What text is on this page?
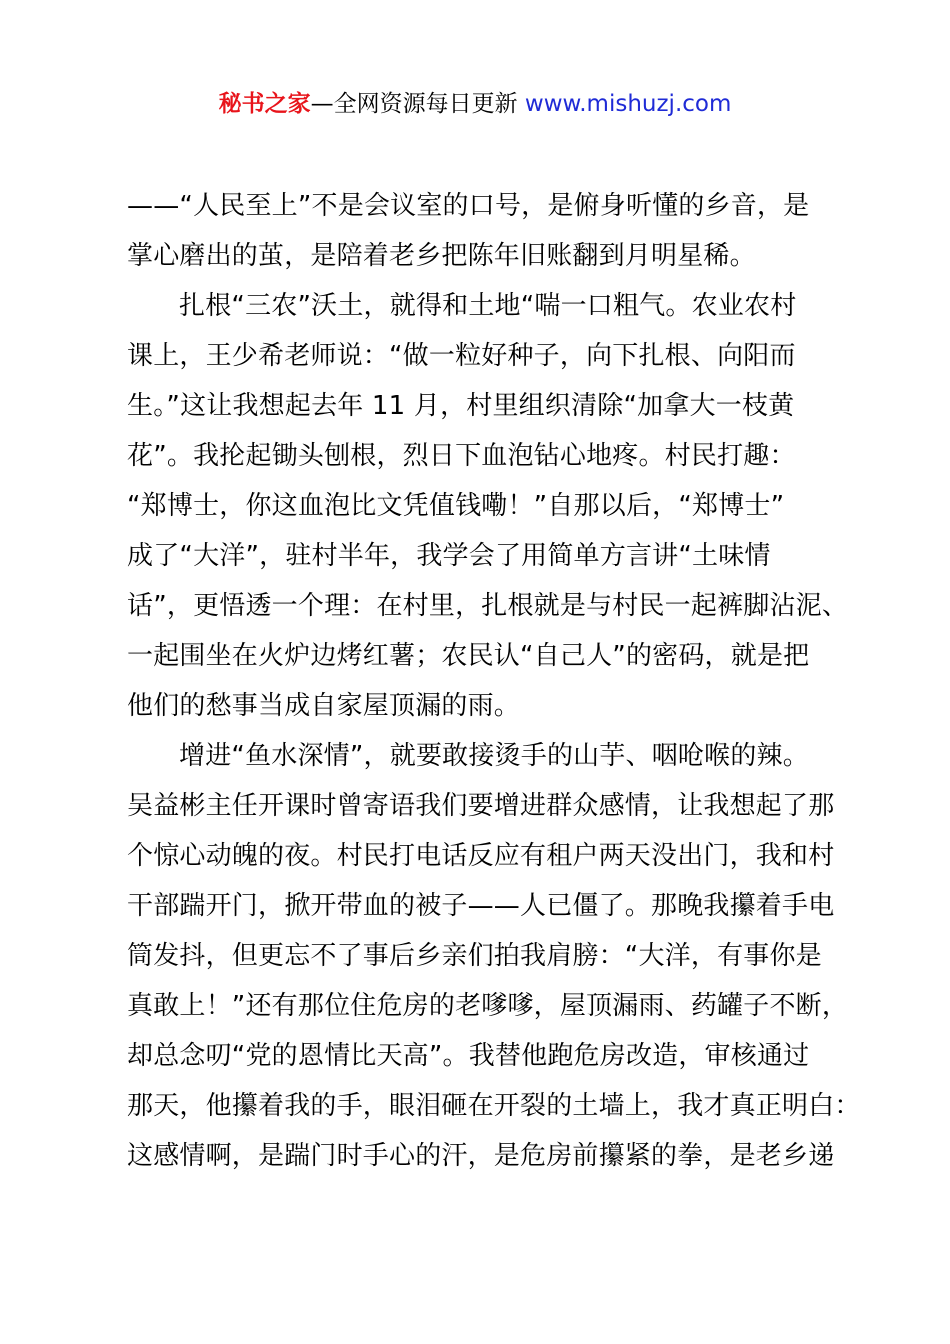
秘书之家—全网资源每日更新 www.mishuzj.com
——“人民至上”不是会议室的口号，是俯身听懂的乡音，是
掌心磨出的茧，是陪着老乡把陈年旧账翻到月明星稀。
扎根“三农”沃土，就得和土地“喘一口粗气。农业农村
课上，王少希老师说：“做一粒好种子，向下扎根、向阳而
生。”这让我想起去年 11 月，村里组织清除“加拿大一枝黄
花”。我抡起锄头刨根，烈日下血泡钻心地疼。村民打趣：
“郑博士，你这血泡比文凭值钱嘞！”自那以后，“郑博士”
成了“大洋”，驻村半年，我学会了用简单方言讲“土味情
话”，更悟透一个理：在村里，扎根就是与村民一起裤脚沾泥、
一起围坐在火炉边烤红薯；农民认“自己人”的密码，就是把
他们的愁事当成自家屋顶漏的雨。
增进“鱼水深情”，就要敢接烫手的山芋、咽呛喉的辣。
吴益彬主任开课时曾寄语我们要增进群众感情，让我想起了那
个惊心动魄的夜。村民打电话反应有租户两天没出门，我和村
干部踹开门，掀开带血的被子——人已僵了。那晚我攥着手电
筒发抖，但更忘不了事后乡亲们拍我肩膀：“大洋，有事你是
真敢上！”还有那位住危房的老嗲嗲，屋顶漏雨、药罐子不断，
却总念叨“党的恩情比天高”。我替他跑危房改造，审核通过
那天，他攥着我的手，眼泪砸在开裂的土墙上，我才真正明白：
这感情啊，是踹门时手心的汗，是危房前攥紧的拳，是老乡递
